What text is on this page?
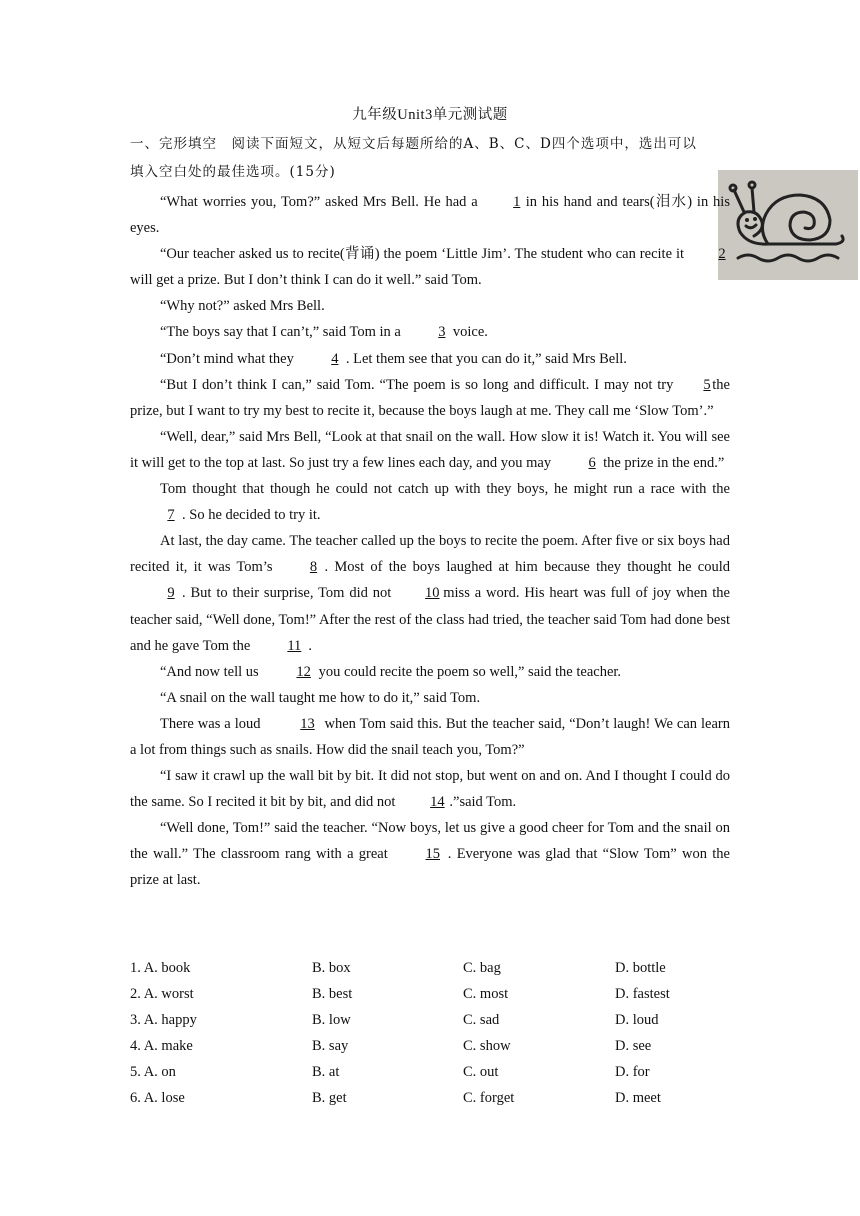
九年级Unit3单元测试题
一、完形填空　阅读下面短文，从短文后每题所给的A、B、C、D四个选项中，选出可以
填入空白处的最佳选项。(15分)

“What worries you, Tom?” asked Mrs Bell. He had a 1 in his hand and tears(泪水) in his eyes.

“Our teacher asked us to recite(背诵) the poem ‘Little Jim’. The student who can recite it 2will get a prize. But I don’t think I can do it well.” said Tom.

“Why not?” asked Mrs Bell.

“The boys say that I can’t,” said Tom in a	3 voice.

“Don’t mind what they	4 . Let them see that you can do it,” said Mrs Bell.

“But I don’t think I can,” said Tom. “The poem is so long and difficult. I may not try 5 the prize, but I want to try my best to recite it, because the boys laugh at me. They call me ‘Slow Tom’.”

“Well, dear,” said Mrs Bell, “Look at that snail on the wall. How slow it is! Watch it. You will see it will get to the top at last. So just try a few lines each day, and you may	6 the prize in the end.”

Tom thought that though he could not catch up with they boys, he might run a race with the 7 . So he decided to try it.

At last, the day came. The teacher called up the boys to recite the poem. After five or six boys had recited it, it was Tom’s	8 . Most of the boys laughed at him because they thought he could9 . But to their surprise, Tom did not 10 miss a word. His heart was full of joy when the teacher said, “Well done, Tom!” After the rest of the class had tried, the teacher said Tom had done best and he gave Tom the	11 .

“And now tell us	12 you could recite the poem so well,” said the teacher.

“A snail on the wall taught me how to do it,” said Tom.

There was a loud	13 when Tom said this. But the teacher said, “Don’t laugh! We can learn a lot from things such as snails. How did the snail teach you, Tom?”

“I saw it crawl up the wall bit by bit. It did not stop, but went on and on. And I thought I could do the same. So I recited it bit by bit, and did not 14 .”said Tom.

“Well done, Tom!” said the teacher. “Now boys, let us give a good cheer for Tom and the snail on the wall.” The classroom rang with a great	15 . Everyone was glad that “Slow Tom” won the prize at last.

1. A. book	B. box	C. bag	D. bottle
2. A. worst	B. best	C. most	D. fastest
3. A. happy	B. low	C. sad	D. loud
4. A. make	B. say	C. show	D. see
5. A. on	B. at	C. out	D. for
6. A. lose	B. get	C. forget	D. meet
